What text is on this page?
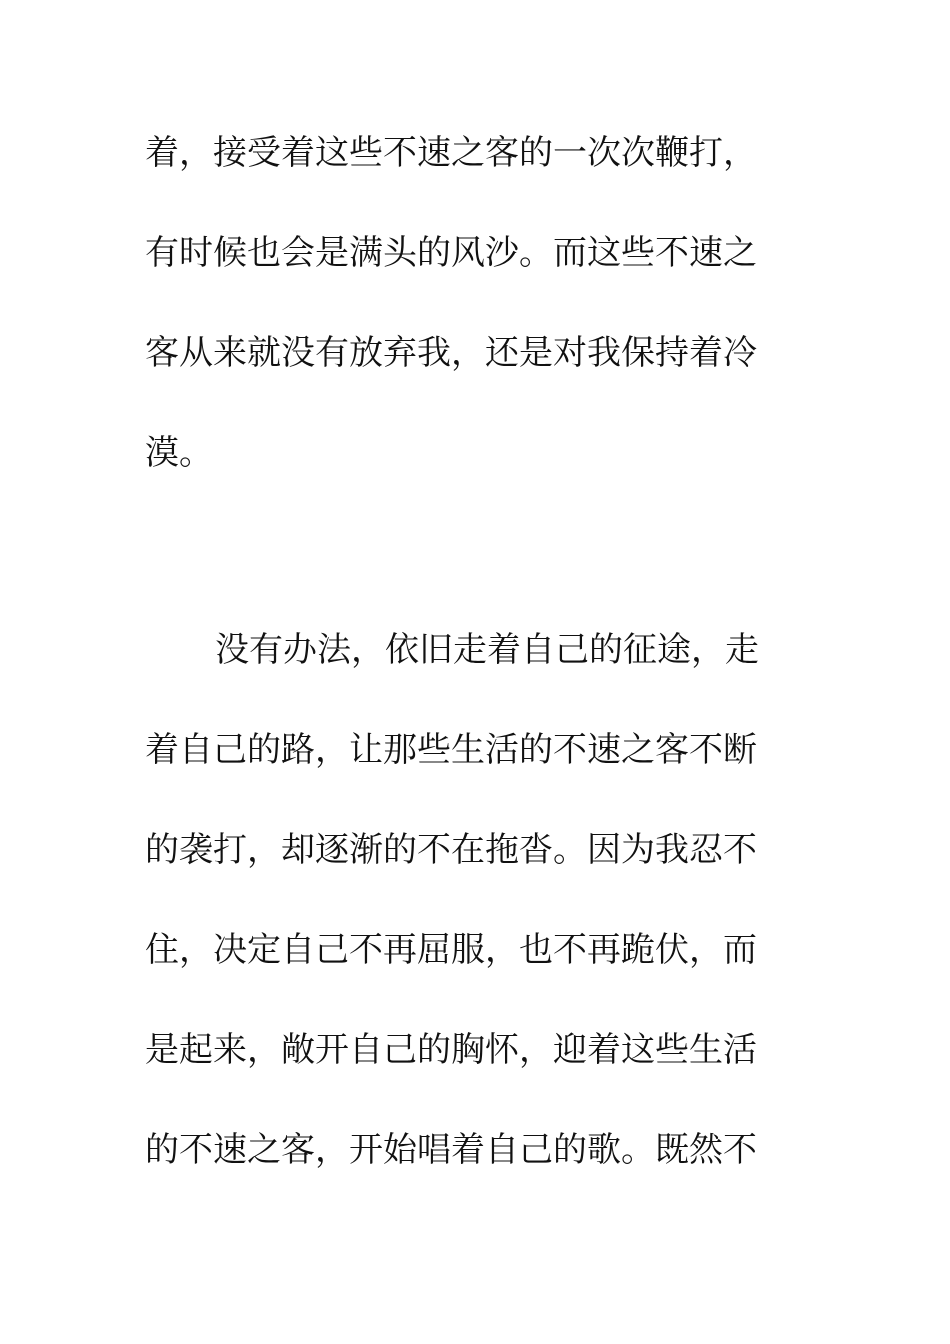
着，接受着这些不速之客的一次次鞭打，
有时候也会是满头的风沙。而这些不速之
客从来就没有放弃我，还是对我保持着冷
漠。
没有办法，依旧走着自己的征途，走
着自己的路，让那些生活的不速之客不断
的袭打，却逐渐的不在拖沓。因为我忍不
住，决定自己不再屈服，也不再跪伏，而
是起来，敞开自己的胸怀，迎着这些生活
的不速之客，开始唱着自己的歌。既然不
